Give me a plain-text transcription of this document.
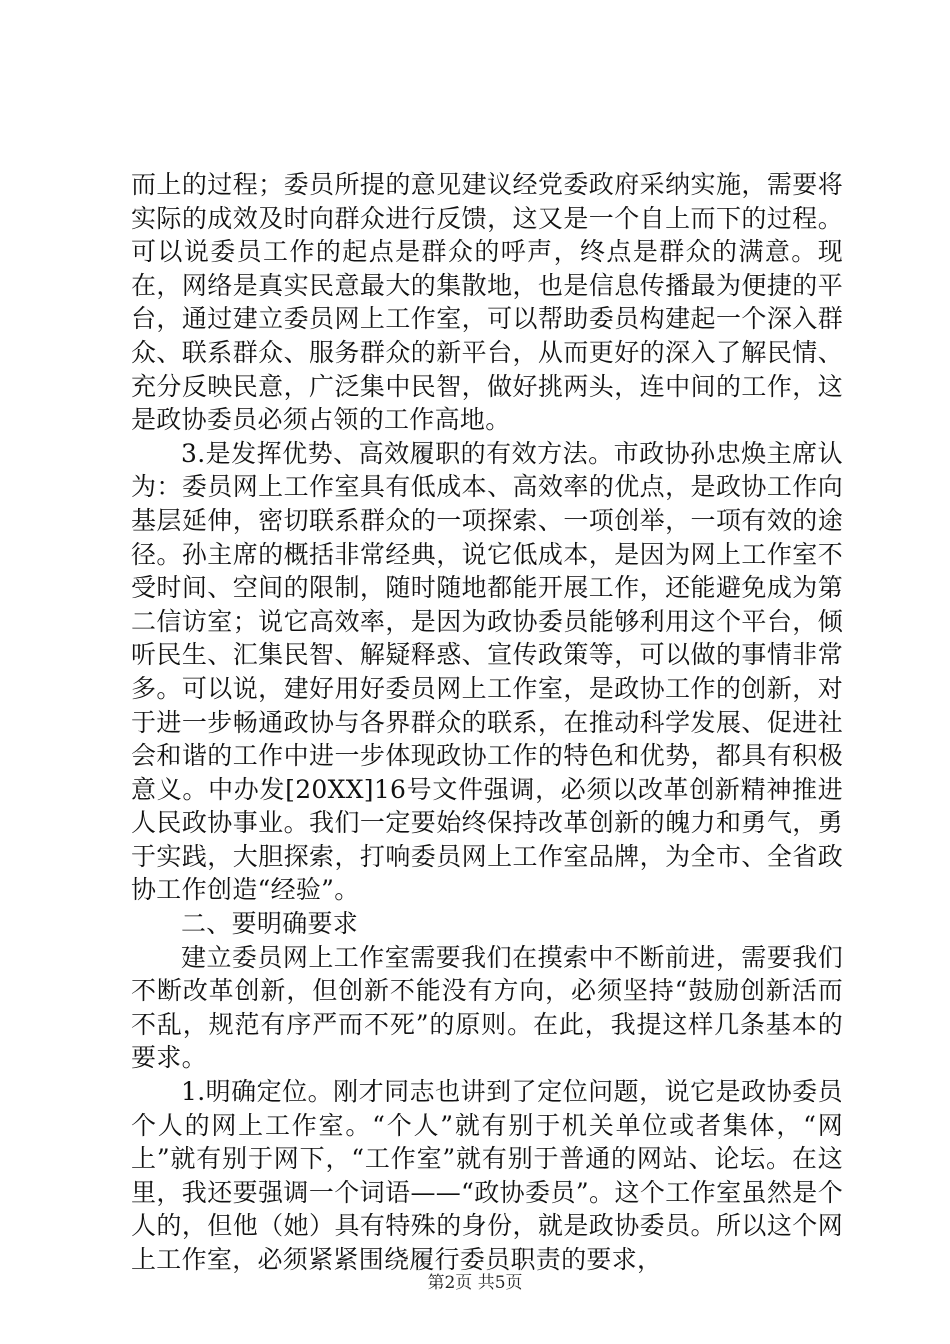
而上的过程；委员所提的意见建议经党委政府采纳实施，需要将实际的成效及时向群众进行反馈，这又是一个自上而下的过程。可以说委员工作的起点是群众的呼声，终点是群众的满意。现在，网络是真实民意最大的集散地，也是信息传播最为便捷的平台，通过建立委员网上工作室，可以帮助委员构建起一个深入群众、联系群众、服务群众的新平台，从而更好的深入了解民情、充分反映民意，广泛集中民智，做好挑两头，连中间的工作，这是政协委员必须占领的工作高地。

3.是发挥优势、高效履职的有效方法。市政协孙忠焕主席认为：委员网上工作室具有低成本、高效率的优点，是政协工作向基层延伸，密切联系群众的一项探索、一项创举，一项有效的途径。孙主席的概括非常经典，说它低成本，是因为网上工作室不受时间、空间的限制，随时随地都能开展工作，还能避免成为第二信访室；说它高效率，是因为政协委员能够利用这个平台，倾听民生、汇集民智、解疑释惑、宣传政策等，可以做的事情非常多。可以说，建好用好委员网上工作室，是政协工作的创新，对于进一步畅通政协与各界群众的联系，在推动科学发展、促进社会和谐的工作中进一步体现政协工作的特色和优势，都具有积极意义。中办发[20XX]16号文件强调，必须以改革创新精神推进人民政协事业。我们一定要始终保持改革创新的魄力和勇气，勇于实践，大胆探索，打响委员网上工作室品牌，为全市、全省政协工作创造“经验”。

二、要明确要求

建立委员网上工作室需要我们在摸索中不断前进，需要我们不断改革创新，但创新不能没有方向，必须坚持“鼓励创新活而不乱，规范有序严而不死”的原则。在此，我提这样几条基本的要求。

1.明确定位。刚才同志也讲到了定位问题，说它是政协委员个人的网上工作室。“个人”就有别于机关单位或者集体，“网上”就有别于网下，“工作室”就有别于普通的网站、论坛。在这里，我还要强调一个词语——“政协委员”。这个工作室虽然是个人的，但他（她）具有特殊的身份，就是政协委员。所以这个网上工作室，必须紧紧围绕履行委员职责的要求，

第2页 共5页
